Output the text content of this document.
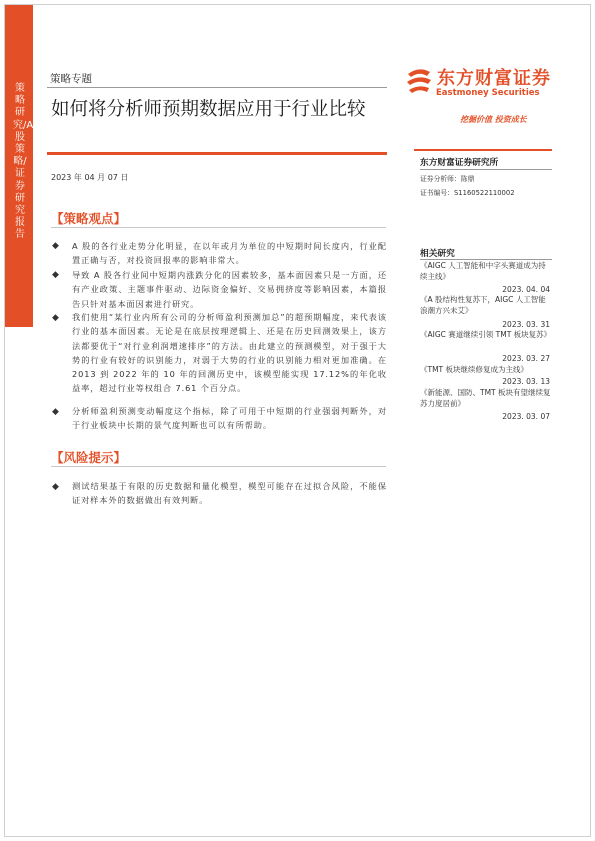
策略研究/A股策略/证券研究报告
策略专题
如何将分析师预期数据应用于行业比较
2023 年 04 月 07 日
【策略观点】
◆ A 股的各行业走势分化明显，在以年或月为单位的中短期时间长度内，行业配置正确与否，对投资回报率的影响非常大。
◆ 导致 A 股各行业间中短期内涨跌分化的因素较多，基本面因素只是一方面，还有产业政策、主题事件驱动、边际资金偏好、交易拥挤度等影响因素，本篇报告只针对基本面因素进行研究。
◆ 我们使用“某行业内所有公司的分析师盈利预测加总”的超预期幅度，来代表该行业的基本面因素。无论是在底层按理逻辑上、还是在历史回测效果上，该方法都要优于“对行业利润增速排序”的方法。由此建立的预测模型，对于强于大势的行业有较好的识别能力，对弱于大势的行业的识别能力相对更加准确。在 2013 到 2022 年的 10 年的回测历史中，该模型能实现 17.12%的年化收益率，超过行业等权组合 7.61 个百分点。
◆ 分析师盈利预测变动幅度这个指标，除了可用于中短期的行业强弱判断外，对于行业板块中长期的景气度判断也可以有所帮助。
【风险提示】
◆ 测试结果基于有限的历史数据和量化模型，模型可能存在过拟合风险，不能保证对样本外的数据做出有效判断。
东方财富证券
Eastmoney Securities
挖掘价值 投资成长
东方财富证券研究所
证券分析师：陈鼎
证书编号：S1160522110002
相关研究
《AIGC 人工智能和中字头赛道成为持续主线》
2023. 04. 04
《A 股结构性复苏下，AIGC 人工智能浪潮方兴未艾》
2023. 03. 31
《AIGC 赛道继续引领 TMT 板块复苏》
2023. 03. 27
《TMT 板块继续修复成为主线》
2023. 03. 13
《新能源、国防、TMT 板块有望继续复苏力度居前》
2023. 03. 07
